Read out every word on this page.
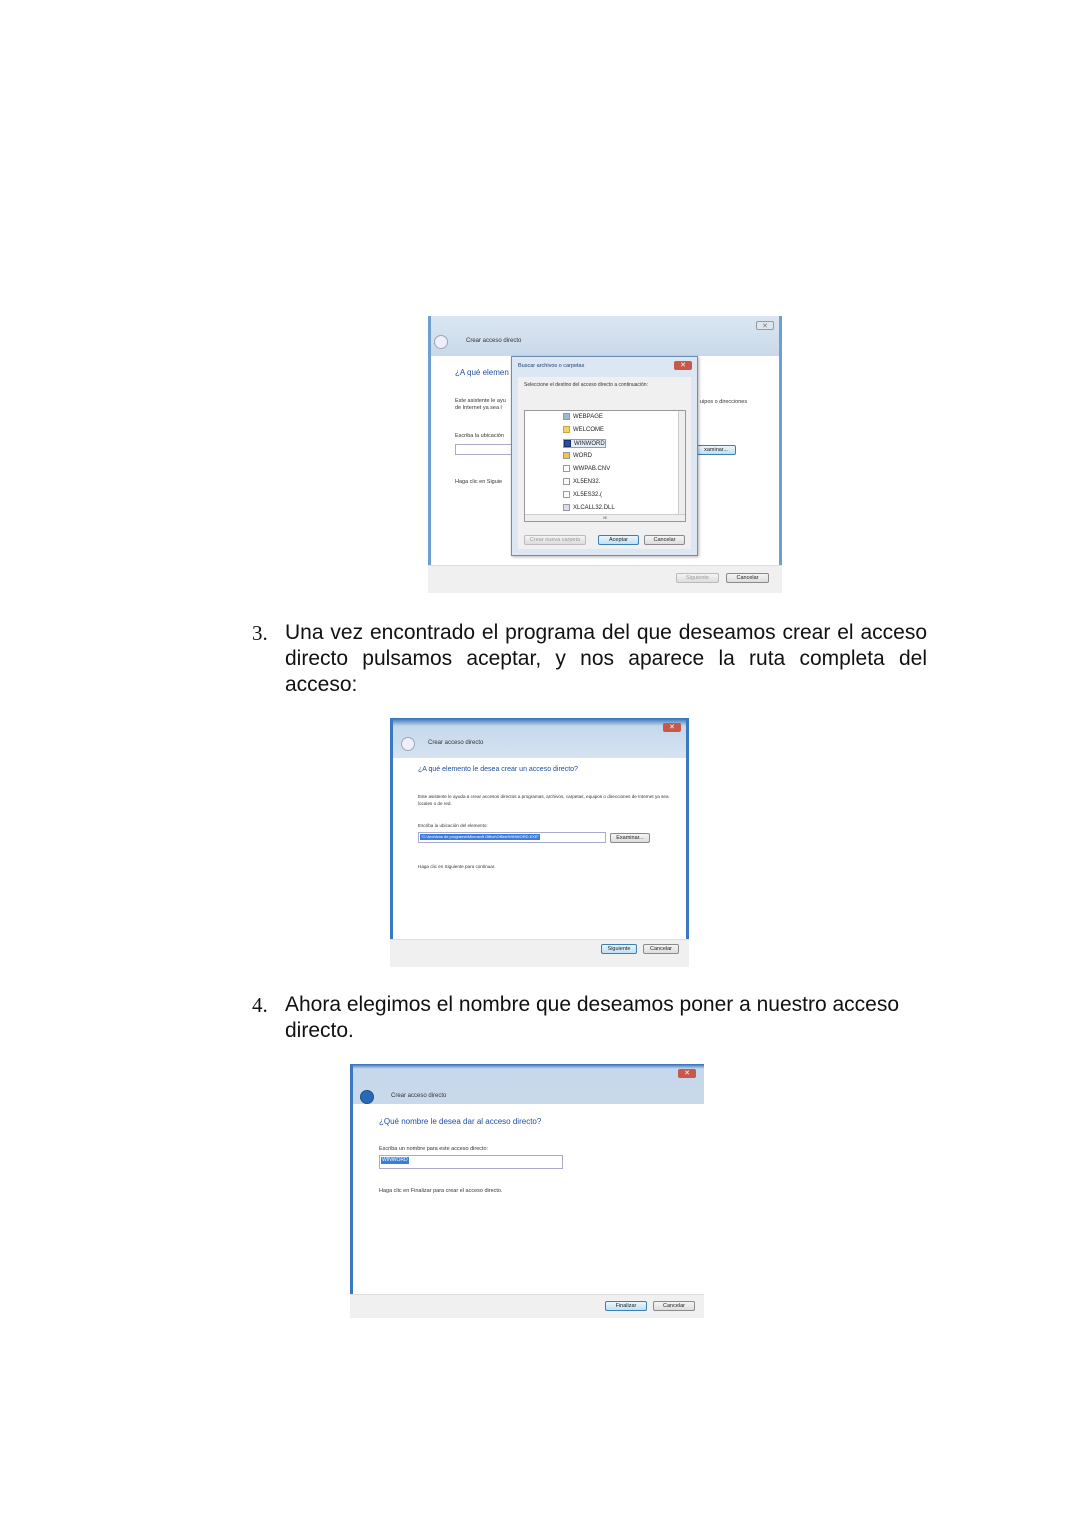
✕
Crear acceso directo
¿A qué elemen
Este asistente le ayu
de Internet ya sea l
uipos o direcciones
Escriba la ubicación
xaminar...
Haga clic en Siguie
Siguiente	Cancelar
Buscar archivos o carpetas	✕
Seleccione el destino del acceso directo a continuación:
WEBPAGE
WELCOME
WINWORD
WORD
WWPAB.CNV
XL5EN32.
XL5ES32.(
XLCALL32.DLL
III
Crear nueva carpeta	Aceptar	Cancelar
3. Una vez encontrado el programa del que deseamos crear el acceso directo pulsamos aceptar, y nos aparece la ruta completa del acceso:
✕
Crear acceso directo
¿A qué elemento le desea crear un acceso directo?
Este asistente le ayuda a crear accesos directos a programas, archivos, carpetas, equipos o direcciones de Internet ya sea locales o de red.
Escriba la ubicación del elemento:
"C:\Archivos de programa\Microsoft Office\Office\WINWORD.EXE"	Examinar...
Haga clic en Siguiente para continuar.
Siguiente	Cancelar
4. Ahora elegimos el nombre que deseamos poner a nuestro acceso directo.
✕
Crear acceso directo
¿Qué nombre le desea dar al acceso directo?
Escriba un nombre para este acceso directo:
WINWORD
Haga clic en Finalizar para crear el acceso directo.
Finalizar	Cancelar
